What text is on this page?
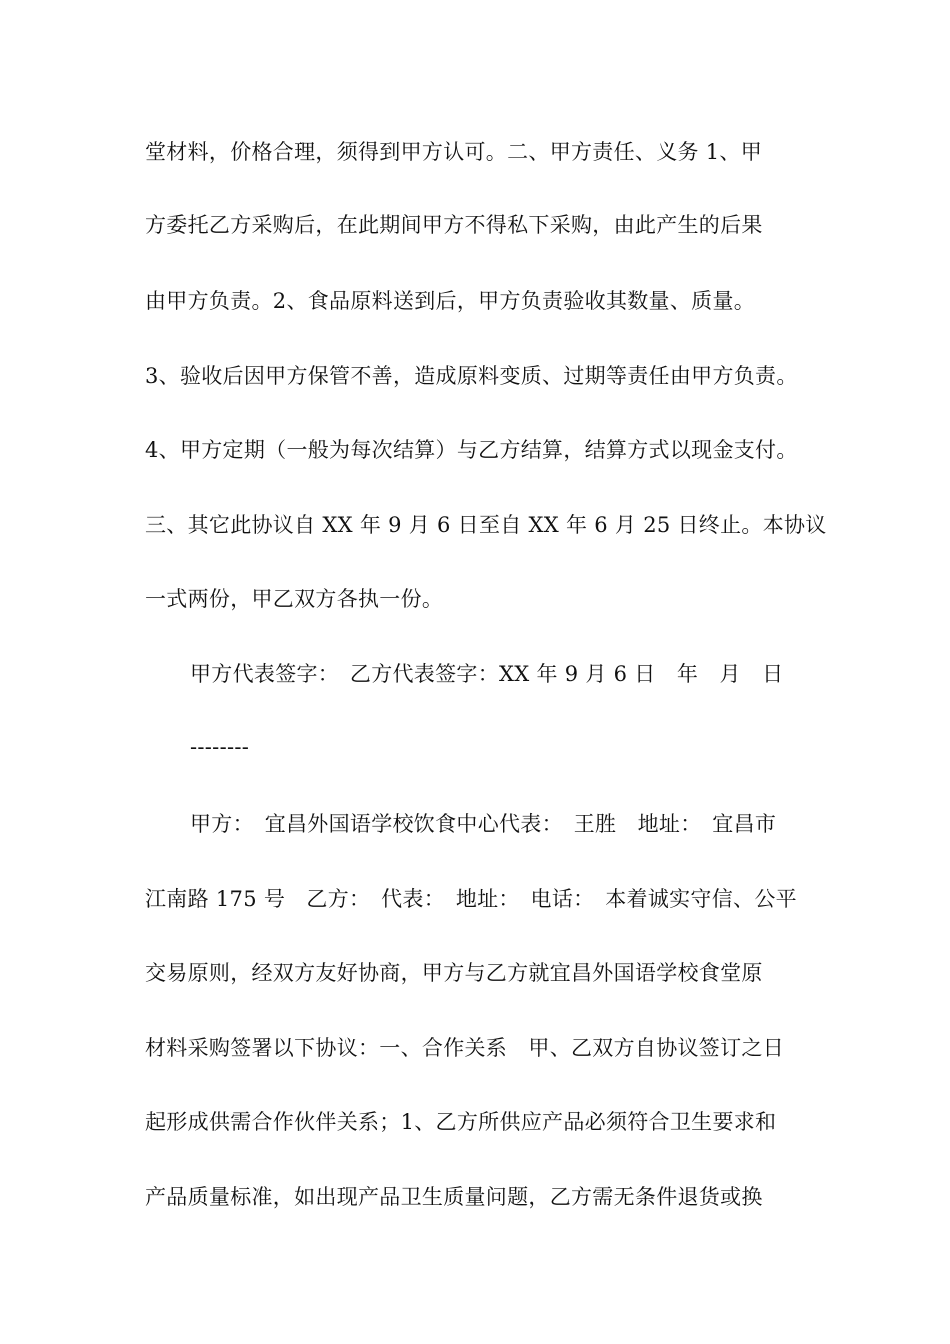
堂材料，价格合理，须得到甲方认可。二、甲方责任、义务 1、甲
方委托乙方采购后，在此期间甲方不得私下采购，由此产生的后果
由甲方负责。2、食品原料送到后，甲方负责验收其数量、质量。
3、验收后因甲方保管不善，造成原料变质、过期等责任由甲方负责。
4、甲方定期（一般为每次结算）与乙方结算，结算方式以现金支付。
三、其它此协议自 XX 年 9 月 6 日至自 XX 年 6 月 25 日终止。本协议
一式两份，甲乙双方各执一份。
甲方代表签字：　乙方代表签字：XX 年 9 月 6 日　年　月　日
--------
甲方：　宜昌外国语学校饮食中心代表：　王胜　地址：　宜昌市
江南路 175 号　乙方：　代表：　地址：　电话：　本着诚实守信、公平
交易原则，经双方友好协商，甲方与乙方就宜昌外国语学校食堂原
材料采购签署以下协议：一、合作关系　甲、乙双方自协议签订之日
起形成供需合作伙伴关系；1、乙方所供应产品必须符合卫生要求和
产品质量标准，如出现产品卫生质量问题，乙方需无条件退货或换
